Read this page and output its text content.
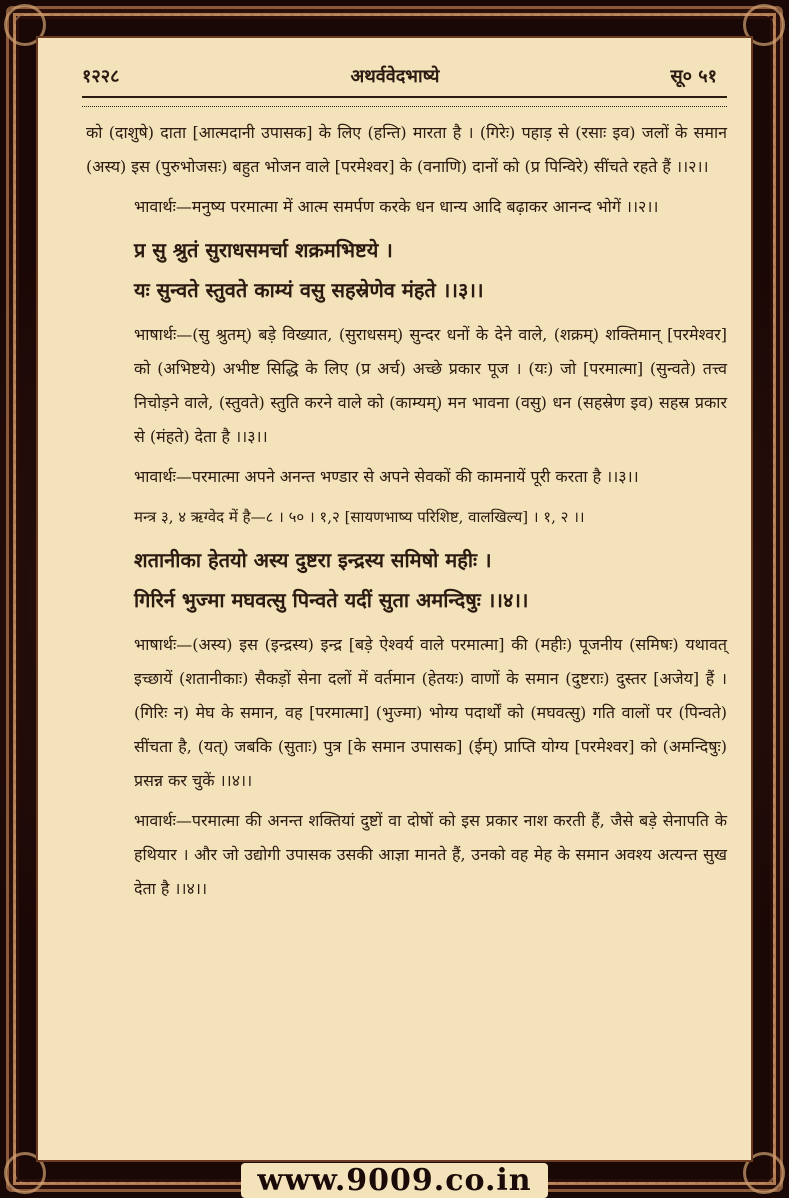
१२२८	अथर्ववेदभाष्ये	सू० ५१

को (दाशुषे) दाता [आत्मदानी उपासक] के लिए (हन्ति) मारता है । (गिरेः) पहाड़ से (रसाः इव) जलों के समान (अस्य) इस (पुरुभोजसः) बहुत भोजन वाले [परमेश्वर] के (वनाणि) दानों को (प्र पिन्विरे) सींचते रहते हैं ।।२।।

भावार्थः—मनुष्य परमात्मा में आत्म समर्पण करके धन धान्य आदि बढ़ाकर आनन्द भोगें ।।२।।

प्र सु श्रुतं सुराधसमर्चा शक्रमभिष्टये ।
यः सुन्वते स्तुवते काम्यं वसु सहस्रेणेव मंहते ।।३।।

भाषार्थः—(सु श्रुतम्) बड़े विख्यात, (सुराधसम्) सुन्दर धनों के देने वाले, (शक्रम्) शक्तिमान् [परमेश्वर] को (अभिष्टये) अभीष्ट सिद्धि के लिए (प्र अर्च) अच्छे प्रकार पूज । (यः) जो [परमात्मा] (सुन्वते) तत्त्व निचोड़ने वाले, (स्तुवते) स्तुति करने वाले को (काम्यम्) मन भावना (वसु) धन (सहस्रेण इव) सहस्र प्रकार से (मंहते) देता है ।।३।।

भावार्थः—परमात्मा अपने अनन्त भण्डार से अपने सेवकों की कामनायें पूरी करता है ।।३।।

मन्त्र ३, ४ ऋग्वेद में है—८ । ५० । १,२ [सायणभाष्य परिशिष्ट, वालखिल्य] । १, २ ।।

शतानीका हेतयो अस्य दुष्टरा इन्द्रस्य समिषो महीः ।
गिरिर्न भुज्मा मघवत्सु पिन्वते यदीं सुता अमन्दिषुः ।।४।।

भाषार्थः—(अस्य) इस (इन्द्रस्य) इन्द्र [बड़े ऐश्वर्य वाले परमात्मा] की (महीः) पूजनीय (समिषः) यथावत् इच्छायें (शतानीकाः) सैकड़ों सेना दलों में वर्तमान (हेतयः) वाणों के समान (दुष्टराः) दुस्तर [अजेय] हैं । (गिरिः न) मेघ के समान, वह [परमात्मा] (भुज्मा) भोग्य पदार्थों को (मघवत्सु) गति वालों पर (पिन्वते) सींचता है, (यत्) जबकि (सुताः) पुत्र [के समान उपासक] (ईम्) प्राप्ति योग्य [परमेश्वर] को (अमन्दिषुः) प्रसन्न कर चुकें ।।४।।

भावार्थः—परमात्मा की अनन्त शक्तियां दुष्टों वा दोषों को इस प्रकार नाश करती हैं, जैसे बड़े सेनापति के हथियार । और जो उद्योगी उपासक उसकी आज्ञा मानते हैं, उनको वह मेह के समान अवश्य अत्यन्त सुख देता है ।।४।।

www.9009.co.in
